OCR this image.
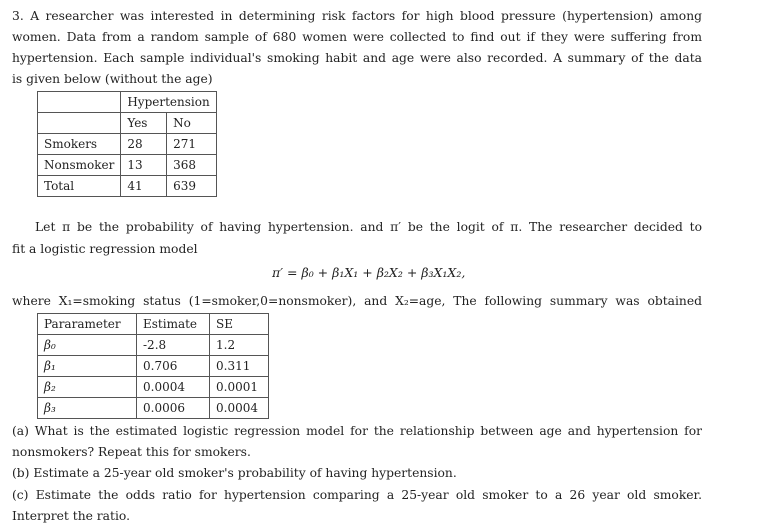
3. A researcher was interested in determining risk factors for high blood pressure (hypertension) among
women. Data from a random sample of 680 women were collected to find out if they were suffering from
hypertension. Each sample individual's smoking habit and age were also recorded. A summary of the data
is given below (without the age)
	Hypertension	
	Yes	No
Smokers	28	271
Nonsmoker	13	368
Total	41	639
Let π be the probability of having hypertension. and π′ be the logit of π. The researcher decided to
fit a logistic regression model
π′ = β₀ + β₁X₁ + β₂X₂ + β₃X₁X₂,
where X₁=smoking status (1=smoker,0=nonsmoker), and X₂=age, The following summary was obtained
Pararameter	Estimate	SE
β₀	-2.8	1.2
β₁	0.706	0.311
β₂	0.0004	0.0001
β₃	0.0006	0.0004
(a) What is the estimated logistic regression model for the relationship between age and hypertension for
nonsmokers? Repeat this for smokers.
(b) Estimate a 25-year old smoker's probability of having hypertension.
(c) Estimate the odds ratio for hypertension comparing a 25-year old smoker to a 26 year old smoker.
Interpret the ratio.
